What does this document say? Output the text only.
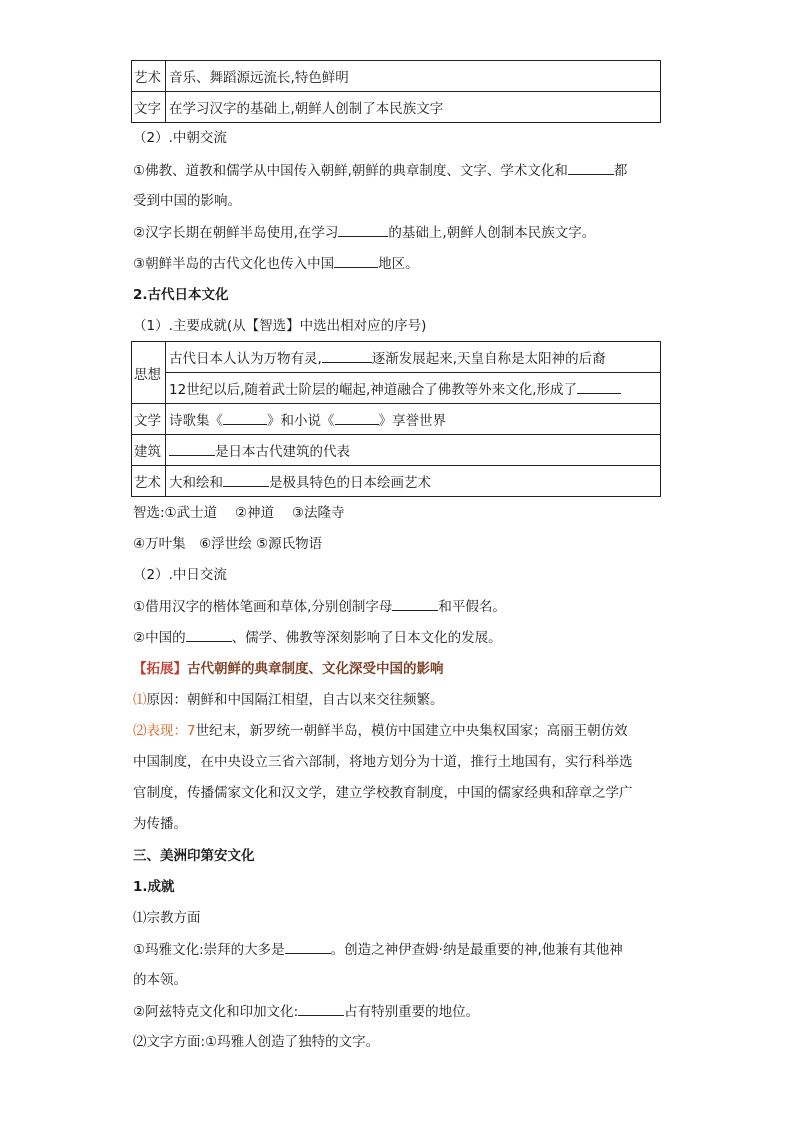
艺术	音乐、舞蹈源远流长,特色鲜明
文字	在学习汉字的基础上,朝鲜人创制了本民族文字
（2）.中朝交流
①佛教、道教和儒学从中国传入朝鲜,朝鲜的典章制度、文字、学术文化和	都
受到中国的影响。
②汉字长期在朝鲜半岛使用,在学习	的基础上,朝鲜人创制本民族文字。
③朝鲜半岛的古代文化也传入中国	地区。
2.古代日本文化
（1）.主要成就(从【智选】中选出相对应的序号)
思想	古代日本人认为万物有灵, 逐渐发展起来,天皇自称是太阳神的后裔
	12世纪以后,随着武士阶层的崛起,神道融合了佛教等外来文化,形成了
文学	诗歌集《 》和小说《 》享誉世界
建筑	是日本古代建筑的代表
艺术	大和绘和 是极具特色的日本绘画艺术
智选:①武士道　 ②神道　 ③法隆寺
④万叶集　⑥浮世绘 ⑤源氏物语
（2）.中日交流
①借用汉字的楷体笔画和草体,分别创制字母	和平假名。
②中国的	、儒学、佛教等深刻影响了日本文化的发展。
【拓展】古代朝鲜的典章制度、文化深受中国的影响
⑴原因：朝鲜和中国隔江相望，自古以来交往频繁。
⑵表现：7世纪末，新罗统一朝鲜半岛，模仿中国建立中央集权国家；高丽王朝仿效
中国制度，在中央设立三省六部制，将地方划分为十道，推行土地国有，实行科举选
官制度，传播儒家文化和汉文学，建立学校教育制度，中国的儒家经典和辞章之学广
为传播。
三、美洲印第安文化
1.成就
⑴宗教方面
①玛雅文化:崇拜的大多是	。创造之神伊查姆·纳是最重要的神,他兼有其他神
的本领。
②阿兹特克文化和印加文化:	占有特别重要的地位。
⑵文字方面:①玛雅人创造了独特的文字。
